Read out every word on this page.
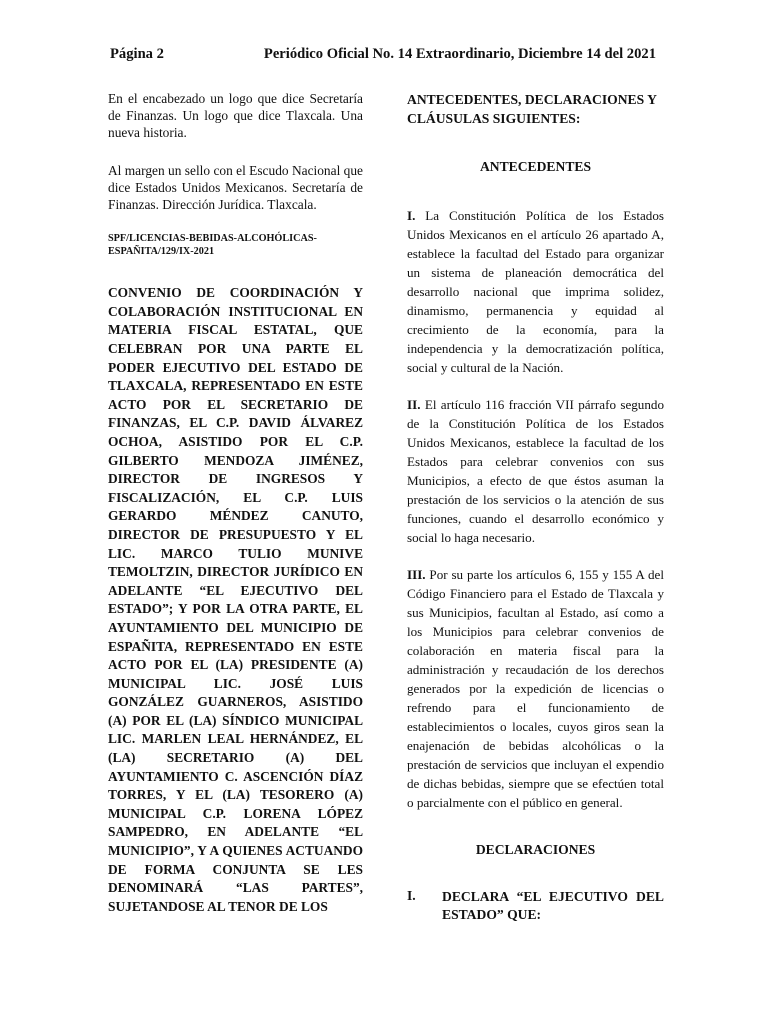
Página 2	Periódico Oficial No. 14 Extraordinario, Diciembre 14 del 2021

En el encabezado un logo que dice Secretaría de Finanzas. Un logo que dice Tlaxcala. Una nueva historia.

Al margen un sello con el Escudo Nacional que dice Estados Unidos Mexicanos. Secretaría de Finanzas. Dirección Jurídica. Tlaxcala.

SPF/LICENCIAS-BEBIDAS-ALCOHÓLICAS-
ESPAÑITA/129/IX-2021

CONVENIO DE COORDINACIÓN Y COLABORACIÓN INSTITUCIONAL EN MATERIA FISCAL ESTATAL, QUE CELEBRAN POR UNA PARTE EL PODER EJECUTIVO DEL ESTADO DE TLAXCALA, REPRESENTADO EN ESTE ACTO POR EL SECRETARIO DE FINANZAS, EL C.P. DAVID ÁLVAREZ OCHOA, ASISTIDO POR EL C.P. GILBERTO MENDOZA JIMÉNEZ, DIRECTOR DE INGRESOS Y FISCALIZACIÓN, EL C.P. LUIS GERARDO MÉNDEZ CANUTO, DIRECTOR DE PRESUPUESTO Y EL LIC. MARCO TULIO MUNIVE TEMOLTZIN, DIRECTOR JURÍDICO EN ADELANTE “EL EJECUTIVO DEL ESTADO”; Y POR LA OTRA PARTE, EL AYUNTAMIENTO DEL MUNICIPIO DE ESPAÑITA, REPRESENTADO EN ESTE ACTO POR EL (LA) PRESIDENTE (A) MUNICIPAL LIC. JOSÉ LUIS GONZÁLEZ GUARNEROS, ASISTIDO (A) POR EL (LA) SÍNDICO MUNICIPAL LIC. MARLEN LEAL HERNÁNDEZ, EL (LA) SECRETARIO (A) DEL AYUNTAMIENTO C. ASCENCIÓN DÍAZ TORRES, Y EL (LA) TESORERO (A) MUNICIPAL C.P. LORENA LÓPEZ SAMPEDRO, EN ADELANTE “EL MUNICIPIO”, Y A QUIENES ACTUANDO DE FORMA CONJUNTA SE LES DENOMINARÁ “LAS PARTES”, SUJETANDOSE AL TENOR DE LOS

ANTECEDENTES, DECLARACIONES Y CLÁUSULAS SIGUIENTES:

ANTECEDENTES

I. La Constitución Política de los Estados Unidos Mexicanos en el artículo 26 apartado A, establece la facultad del Estado para organizar un sistema de planeación democrática del desarrollo nacional que imprima solidez, dinamismo, permanencia y equidad al crecimiento de la economía, para la independencia y la democratización política, social y cultural de la Nación.

II. El artículo 116 fracción VII párrafo segundo de la Constitución Política de los Estados Unidos Mexicanos, establece la facultad de los Estados para celebrar convenios con sus Municipios, a efecto de que éstos asuman la prestación de los servicios o la atención de sus funciones, cuando el desarrollo económico y social lo haga necesario.

III. Por su parte los artículos 6, 155 y 155 A del Código Financiero para el Estado de Tlaxcala y sus Municipios, facultan al Estado, así como a los Municipios para celebrar convenios de colaboración en materia fiscal para la administración y recaudación de los derechos generados por la expedición de licencias o refrendo para el funcionamiento de establecimientos o locales, cuyos giros sean la enajenación de bebidas alcohólicas o la prestación de servicios que incluyan el expendio de dichas bebidas, siempre que se efectúen total o parcialmente con el público en general.

DECLARACIONES

I.	DECLARA “EL EJECUTIVO DEL ESTADO” QUE:
